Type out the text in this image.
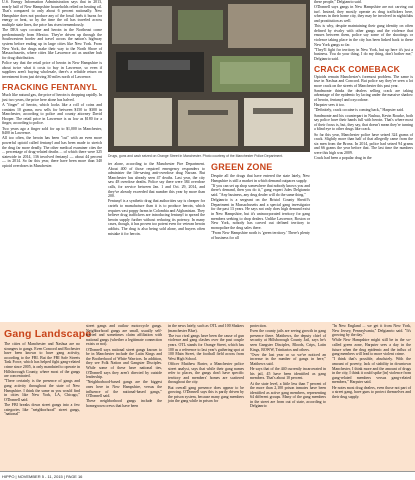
U.S. Energy Information Administration says that in 2013, nearly half of New Hampshire households relied on heating oil. That's compared to only about 6 percent nationally. New Hampshire does not produce any of the fossil fuels it burns for energy or heat, so by the time the oil has traveled across multiple state lines, the price has risen tremendously.

The DEA says cocaine and heroin in the Northeast come predominantly from Mexico. They're driven up through the Southwestern border and travel across the nation's highway system before ending up in large cities like New York. From New York, the drugs make their way to the North Shore of Massachusetts, where cities like Lawrence act as another hub for drug distribution.

Police say that the retail price of heroin in New Hampshire is about twice what it costs to buy in Lawrence, so even if suppliers aren't buying wholesale, there's a reliable return on investment from just driving 30 miles north of Lawrence.

FRACKING FENTANYL

Much like natural gas, the price of heroin is dropping rapidly. In just two years, the price here alone has halved.

A "finger" of heroin, which looks like a roll of coins and contains 10 grams, now sells for between $150 to $300 in Manchester, according to police and county attorney David Hooper. The retail price in Lawrence is as low as $180 for a finger, according to police.

Two years ago a finger sold for up to $1,000 in Manchester, $400 in Lawrence.

All too often, the heroin has been "cut" with an even more powerful opioid called fentanyl and has been made to stretch the drug far more deadly. The other medical examiner cites the ... percentage of drug-related deaths ... of which there were 325 statewide in 2014, 136 involved fentanyl — about 44 percent — in 2014. So far this year, there have been more than 340 opioid overdoses in Manchester.

Drugs, guns and cash seized on Orange Street in Manchester. Photo courtesy of the Manchester Police Department.

ter alone, according to the Manchester Fire Department. About 400 of those required emergency responders to administer the life-saving anti-overdose drug Narcan. But Manchester has already seen 47 deaths. Last year, the city saw 48 overdose deaths. Police say there were 384 overdose calls, for service between Jan. 1 and Oct. 29, 2014, and they've already exceeded that number this year by more than 200.

Fentanyl is a synthetic drug that authorities say is cheaper for cartels to manufacture than it is to produce heroin, which requires vast poppy farms in Colombia and Afghanistan. They believe drug traffickers are introducing fentanyl to spread the heroin supply further without reducing its potency. In many cases, though, it has proven too potent even for veteran heroin addicts. The drug is also being sold alone, and buyers often mistake it for heroin.

GREEN ZONE

Despite all the drugs that have entered the state lately, New Hampshire is still a market in which demand outpaces supply.

"If you can set up shop somewhere that nobody knows you and there's demand, then you do it," gang expert Jules Delgianrio said. "Any business, any drug dealer will do the same thing."

Delgianrio is a sergeant on the Bristol County Sheriff's Department in Massachusetts and a special gang investigator for the past 13 years. He says not only does high demand exist in New Hampshire, but it's unincorporated territory for gang members seeking to drop dealers. Unlike Lawrence, Boston or New York, nobody has carved out defined territory to monopolize the drug sales there.

"From New Hampshire north is 'green territory.' There's plenty of business for all

these people," Delgianrio said.

O'Donnell says gangs in New Hampshire are not carving out turf. Instead, they mostly operate as drug traffickers here, whereas in their home city, they may be involved in nightclubs and prostitution as well.

This is why, despite maintaining their gang identity on often defined by rivalry with other gangs and the violence that ensues between them, police say some of the shootings or violence taking place in the city has been linked back to these New York gangs so far.

"They'll fight for territory in New York, but up here it's just a business. You do your thing, I do my thing, don't bother me," Delgianrio said.

CRACK COMEBACK

Opioids remain Manchester's foremost problem. The same is true in Nashua and Concord. But police say they've seen a lot more crack on the streets of Manchester this past year.

Sandmonte thinks the dealers selling crack are taking advantage of the epidemic by lacing under the massive shadow of heroin, fentanyl and oxycodone.

Harpster sees it too.

"Definitely, crack cocaine is coming back," Harpster said.

Sandmonte and his counterpart in Nashua, Kevin Rourke, both say police have their hands full with heroin. That's where most of their focus is, but, they say, that doesn't mean they're turning a blind eye to other drugs like crack.

So far this year, Manchester police have seized 324 grams of crack. Slightly more than half of that allegedly came from the six men from the Bronx. In 2014, police had seized 94 grams and 66 grams the year before that. The last time the numbers were this high was 2009.

Crack had been a popular drug in the

Gang Landscape

The cities of Manchester and Nashua are no strangers to gangs. Even Concord and Rochester have been known to have gang activity, according to the FBI. But the FBI Safe Streets Task Force, which has helped fight gang-related crime since 2005, is only mandated to operate in Hillsborough County, where most of the gangs are concentrated.

"There certainly is the presence of gangs and gang activity throughout the state of New Hampshire. I think the same as you would find in cities like New York, LA, Chicago," O'Donnell said.

The FBI breaks down street gangs into a few categories like "neighborhood" street gangs, "national"

street gangs and outlaw motorcycle gangs. Neighborhood gangs are small, usually self-started and sometimes claim affiliation with national gangs (whether a legitimate connection exists or not).

O'Donnell says national street gangs known to be in Manchester include the Latin Kings and the Brotherhood of White Warriors. In addition, they see Folk Nation and Gangster Disciples. While some of these have national ties, O'Donnell says they aren't directed by outside leadership.

"Neighborhood-based gangs are the biggest ones here in New Hampshire, versus the influence of the national-based gangs," O'Donnell said.

These neighborhood gangs include the homegrown crews that have been

in the news lately, such as OTL and 100 Shakers (manchester Blue).

The two rival gangs have been the cause of gun violence and gang clashes over the past couple years. OTL stands for Orange Street, which has 100 as a reference to last year's gathering spot at 100 Main Street, the football field across from West High School.

Officer Matthew Barter, a Manchester police street analyst, says that while their gang names refer to places, the gangs don't have specific territory and members' homes are scattered throughout the city.

But overall gang presence does appear to be growing. O'Donnell says this is partly driven by the prison system, because many gang members join the gang while in prison for

protection.

Even the county jails are seeing growth in gang presence there. Matthews, the deputy chief of security at Hillsborough County Jail, says he's seen Gangster Disciples, Bloods, Crips, Latin Kings, BOWW, Trinitarios and others.

"Over the last year or so we've noticed an increase in the number of gangs in here," Matthews said.

He says that of the 440 currently incarcerated in his jail, 45 have been identified as gang members. That's about 10 percent.

At the state level, a little less than 7 percent of the more than 2,100 prison inmates have been identified as active gang members, representing 64 different groups. Many of the gang members in the street are from out of state, according to Delgianrio

"In New England ... we get it from New York, New Jersey, Pennsylvania," Delgianrio said. "It's growing by the day."

While New Hampshire might still be in the so-called green zone, Harpster sees a day in the future when the drug epidemic and the influx of gang members will lead to more violent crime.

"I think that's possible, absolutely. With the amount of poverty, lack of stability in downtown Manchester, I think more and the amount of drugs in the city, I think it could spike [in] violence from gang-related members versus gang-related members," Harpster said.

He notes most drug dealers, even those not part of a street gang, have guns to protect themselves and their drug supply.

HIPPO | NOVEMBER 5 - 11, 2015 | PAGE 16
